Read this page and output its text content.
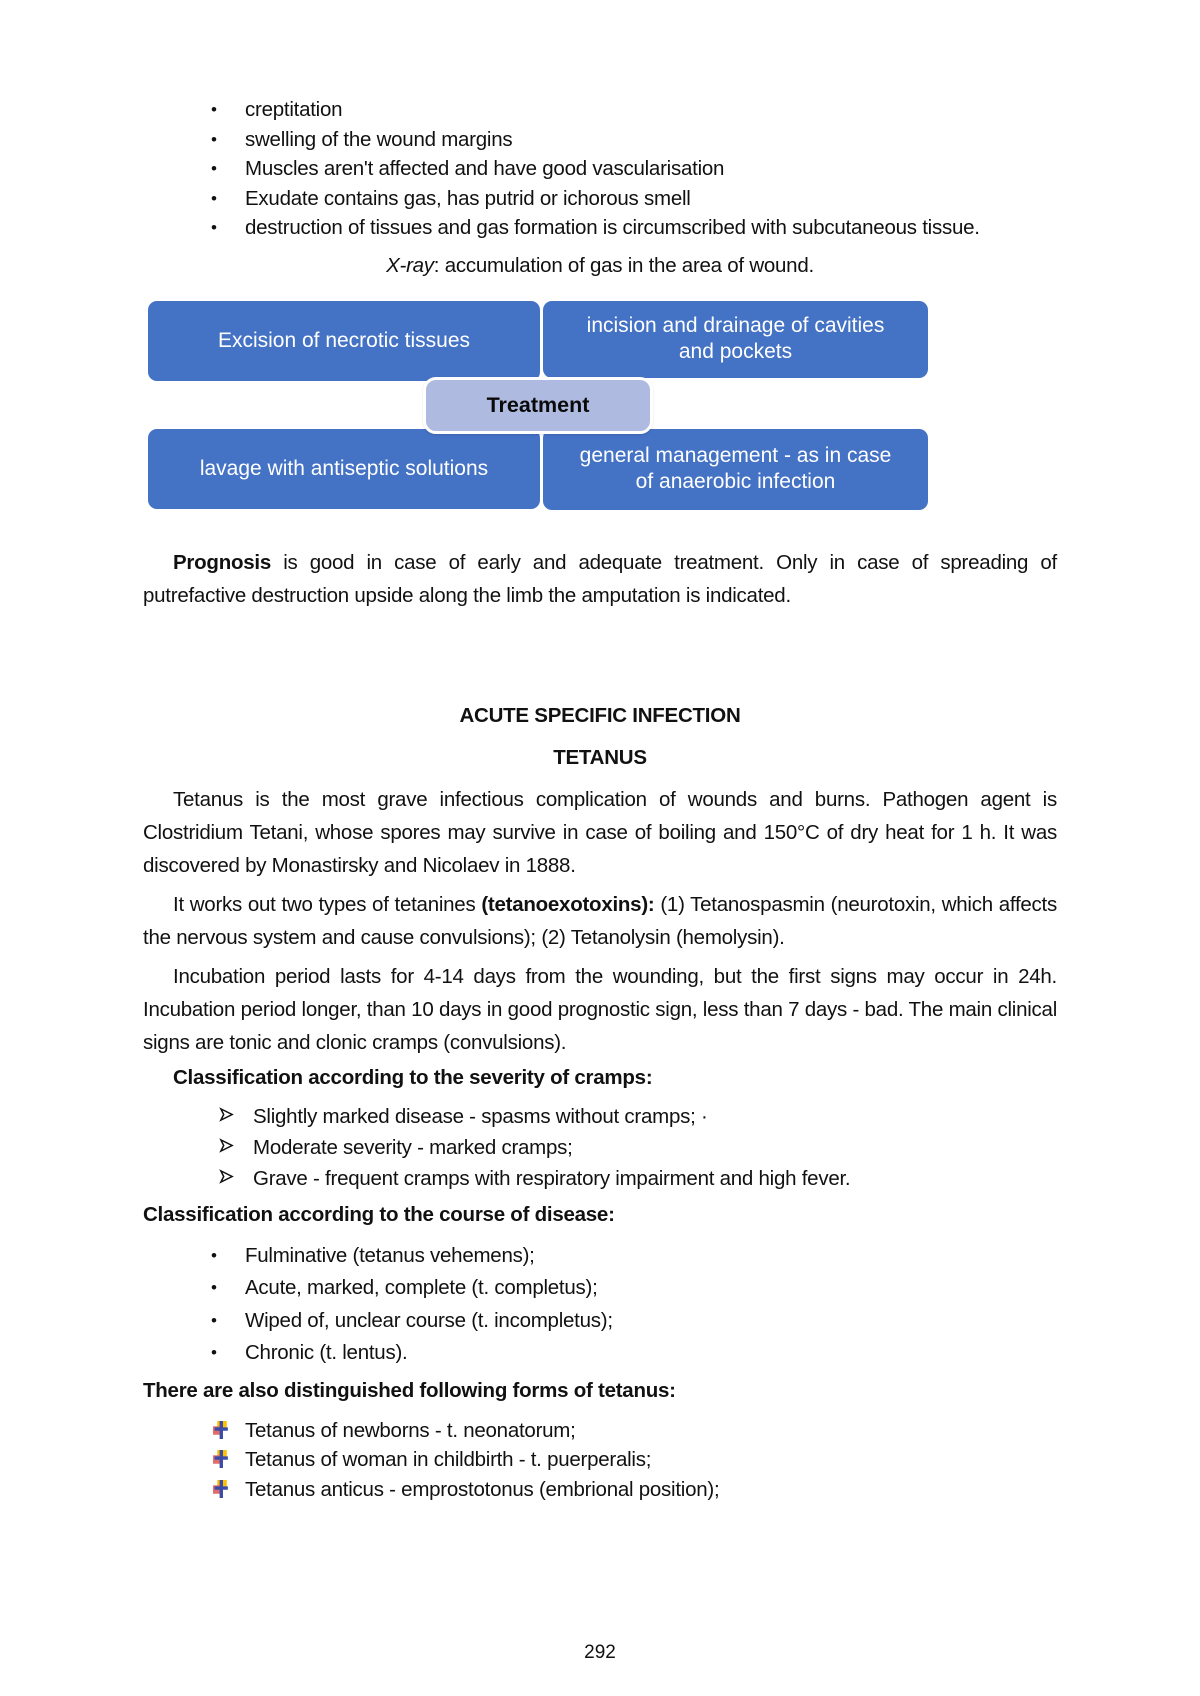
•	creptitation
•	swelling of the wound margins
•	Muscles aren't affected and have good vascularisation
•	Exudate contains gas, has putrid or ichorous smell
•	destruction of tissues and gas formation is circumscribed with subcutaneous tissue.
X-ray: accumulation of gas in the area of wound.
Excision of necrotic tissues
incision and drainage of cavities and pockets
lavage with antiseptic solutions
general management - as in case of anaerobic infection
Treatment
Prognosis is good in case of early and adequate treatment. Only in case of spreading of putrefactive destruction upside along the limb the amputation is indicated.
ACUTE SPECIFIC INFECTION
TETANUS
Tetanus is the most grave infectious complication of wounds and burns. Pathogen agent is Clostridium Tetani, whose spores may survive in case of boiling and 150°C of dry heat for 1 h. It was discovered by Monastirsky and Nicolaev in 1888.
It works out two types of tetanines (tetanoexotoxins): (1) Tetanospasmin (neurotoxin, which affects the nervous system and cause convulsions); (2) Tetanolysin (hemolysin).
Incubation period lasts for 4-14 days from the wounding, but the first signs may occur in 24h. Incubation period longer, than 10 days in good prognostic sign, less than 7 days - bad. The main clinical signs are tonic and clonic cramps (convulsions).
Classification according to the severity of cramps:
Slightly marked disease - spasms without cramps; ·
Moderate severity - marked cramps;
Grave - frequent cramps with respiratory impairment and high fever.
Classification according to the course of disease:
•	Fulminative (tetanus vehemens);
•	Acute, marked, complete (t. completus);
•	Wiped of, unclear course (t. incompletus);
•	Chronic (t. lentus).
There are also distinguished following forms of tetanus:
Tetanus of newborns - t. neonatorum;
Tetanus of woman in childbirth - t. puerperalis;
Tetanus anticus - emprostotonus (embrional position);
292
